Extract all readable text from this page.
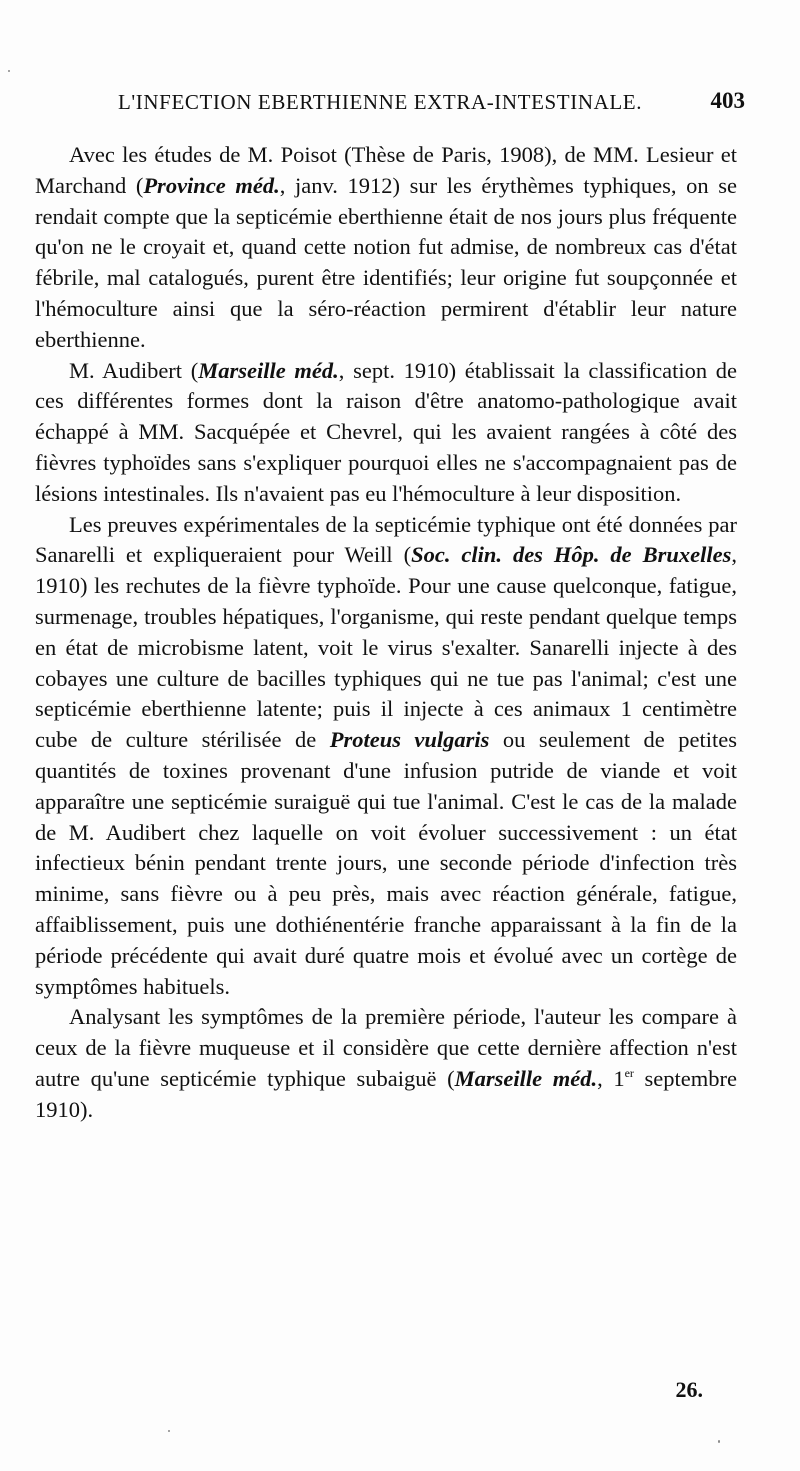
L'INFECTION EBERTHIENNE EXTRA-INTESTINALE.	403

Avec les études de M. Poisot (Thèse de Paris, 1908), de MM. Lesieur et Marchand (Province méd., janv. 1912) sur les érythèmes typhiques, on se rendait compte que la septicémie eberthienne était de nos jours plus fréquente qu'on ne le croyait et, quand cette notion fut admise, de nombreux cas d'état fébrile, mal catalogués, purent être identifiés; leur origine fut soupçonnée et l'hémoculture ainsi que la séro-réaction permirent d'établir leur nature eberthienne.

M. Audibert (Marseille méd., sept. 1910) établissait la classification de ces différentes formes dont la raison d'être anatomo-pathologique avait échappé à MM. Sacquépée et Chevrel, qui les avaient rangées à côté des fièvres typhoïdes sans s'expliquer pourquoi elles ne s'accompagnaient pas de lésions intestinales. Ils n'avaient pas eu l'hémoculture à leur disposition.

Les preuves expérimentales de la septicémie typhique ont été données par Sanarelli et expliqueraient pour Weill (Soc. clin. des Hôp. de Bruxelles, 1910) les rechutes de la fièvre typhoïde. Pour une cause quelconque, fatigue, surmenage, troubles hépatiques, l'organisme, qui reste pendant quelque temps en état de microbisme latent, voit le virus s'exalter. Sanarelli injecte à des cobayes une culture de bacilles typhiques qui ne tue pas l'animal; c'est une septicémie eberthienne latente; puis il injecte à ces animaux 1 centimètre cube de culture stérilisée de Proteus vulgaris ou seulement de petites quantités de toxines provenant d'une infusion putride de viande et voit apparaître une septicémie suraiguë qui tue l'animal. C'est le cas de la malade de M. Audibert chez laquelle on voit évoluer successivement : un état infectieux bénin pendant trente jours, une seconde période d'infection très minime, sans fièvre ou à peu près, mais avec réaction générale, fatigue, affaiblissement, puis une dothiénentérie franche apparaissant à la fin de la période précédente qui avait duré quatre mois et évolué avec un cortège de symptômes habituels.

Analysant les symptômes de la première période, l'auteur les compare à ceux de la fièvre muqueuse et il considère que cette dernière affection n'est autre qu'une septicémie typhique subaiguë (Marseille méd., 1er septembre 1910).

26.
